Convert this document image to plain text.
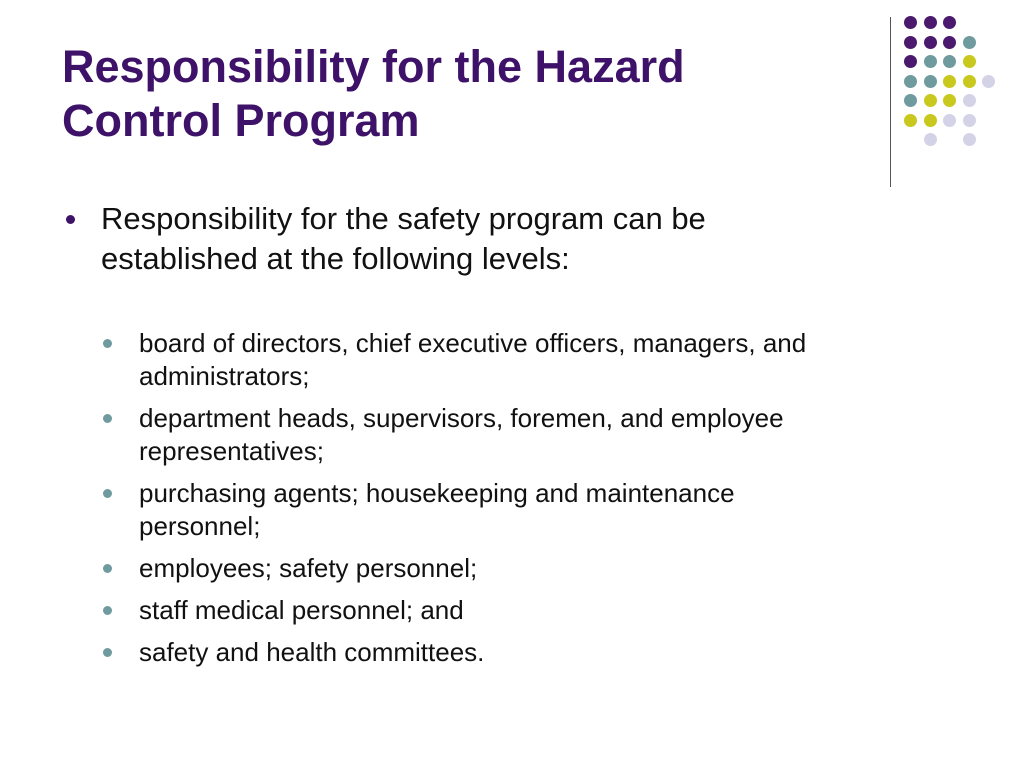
Responsibility for the Hazard
Control Program
Responsibility for the safety program can be
established at the following levels:
board of directors, chief executive officers, managers, and
administrators;
department heads, supervisors, foremen, and employee
representatives;
purchasing agents; housekeeping and maintenance
personnel;
employees; safety personnel;
staff medical personnel; and
safety and health committees.
